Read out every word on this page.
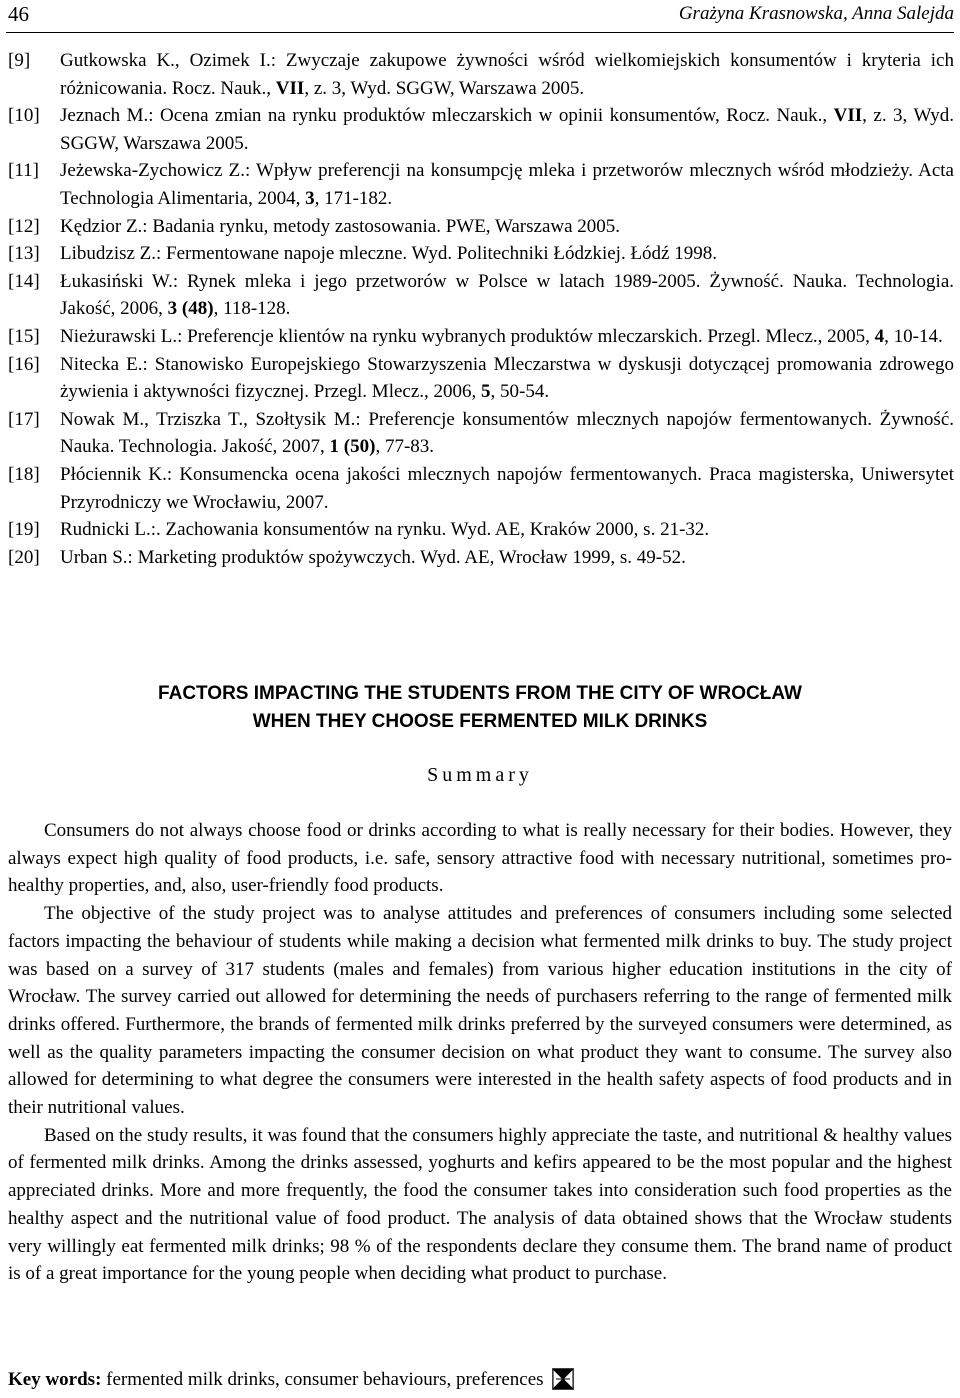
46	Grażyna Krasnowska, Anna Salejda
[9] Gutkowska K., Ozimek I.: Zwyczaje zakupowe żywności wśród wielkomiejskich konsumentów i kryteria ich różnicowania. Rocz. Nauk., VII, z. 3, Wyd. SGGW, Warszawa 2005.
[10] Jeznach M.: Ocena zmian na rynku produktów mleczarskich w opinii konsumentów, Rocz. Nauk., VII, z. 3, Wyd. SGGW, Warszawa 2005.
[11] Jeżewska-Zychowicz Z.: Wpływ preferencji na konsumpcję mleka i przetworów mlecznych wśród młodzieży. Acta Technologia Alimentaria, 2004, 3, 171-182.
[12] Kędzior Z.: Badania rynku, metody zastosowania. PWE, Warszawa 2005.
[13] Libudzisz Z.: Fermentowane napoje mleczne. Wyd. Politechniki Łódzkiej. Łódź 1998.
[14] Łukasiński W.: Rynek mleka i jego przetworów w Polsce w latach 1989-2005. Żywność. Nauka. Technologia. Jakość, 2006, 3 (48), 118-128.
[15] Nieżurawski L.: Preferencje klientów na rynku wybranych produktów mleczarskich. Przegl. Mlecz., 2005, 4, 10-14.
[16] Nitecka E.: Stanowisko Europejskiego Stowarzyszenia Mleczarstwa w dyskusji dotyczącej promowania zdrowego żywienia i aktywności fizycznej. Przegl. Mlecz., 2006, 5, 50-54.
[17] Nowak M., Trziszka T., Szołtysik M.: Preferencje konsumentów mlecznych napojów fermentowanych. Żywność. Nauka. Technologia. Jakość, 2007, 1 (50), 77-83.
[18] Płóciennik K.: Konsumencka ocena jakości mlecznych napojów fermentowanych. Praca magisterska, Uniwersytet Przyrodniczy we Wrocławiu, 2007.
[19] Rudnicki L.:. Zachowania konsumentów na rynku. Wyd. AE, Kraków 2000, s. 21-32.
[20] Urban S.: Marketing produktów spożywczych. Wyd. AE, Wrocław 1999, s. 49-52.
FACTORS IMPACTING THE STUDENTS FROM THE CITY OF WROCŁAW
WHEN THEY CHOOSE FERMENTED MILK DRINKS
Summary

Consumers do not always choose food or drinks according to what is really necessary for their bodies. However, they always expect high quality of food products, i.e. safe, sensory attractive food with necessary nutritional, sometimes pro-healthy properties, and, also, user-friendly food products.

The objective of the study project was to analyse attitudes and preferences of consumers including some selected factors impacting the behaviour of students while making a decision what fermented milk drinks to buy. The study project was based on a survey of 317 students (males and females) from various higher education institutions in the city of Wrocław. The survey carried out allowed for determining the needs of purchasers referring to the range of fermented milk drinks offered. Furthermore, the brands of fermented milk drinks preferred by the surveyed consumers were determined, as well as the quality parameters impacting the consumer decision on what product they want to consume. The survey also allowed for determining to what degree the consumers were interested in the health safety aspects of food products and in their nutritional values.

Based on the study results, it was found that the consumers highly appreciate the taste, and nutritional & healthy values of fermented milk drinks. Among the drinks assessed, yoghurts and kefirs appeared to be the most popular and the highest appreciated drinks. More and more frequently, the food the consumer takes into consideration such food properties as the healthy aspect and the nutritional value of food product. The analysis of data obtained shows that the Wrocław students very willingly eat fermented milk drinks; 98 % of the respondents declare they consume them. The brand name of product is of a great importance for the young people when deciding what product to purchase.

Key words: fermented milk drinks, consumer behaviours, preferences
